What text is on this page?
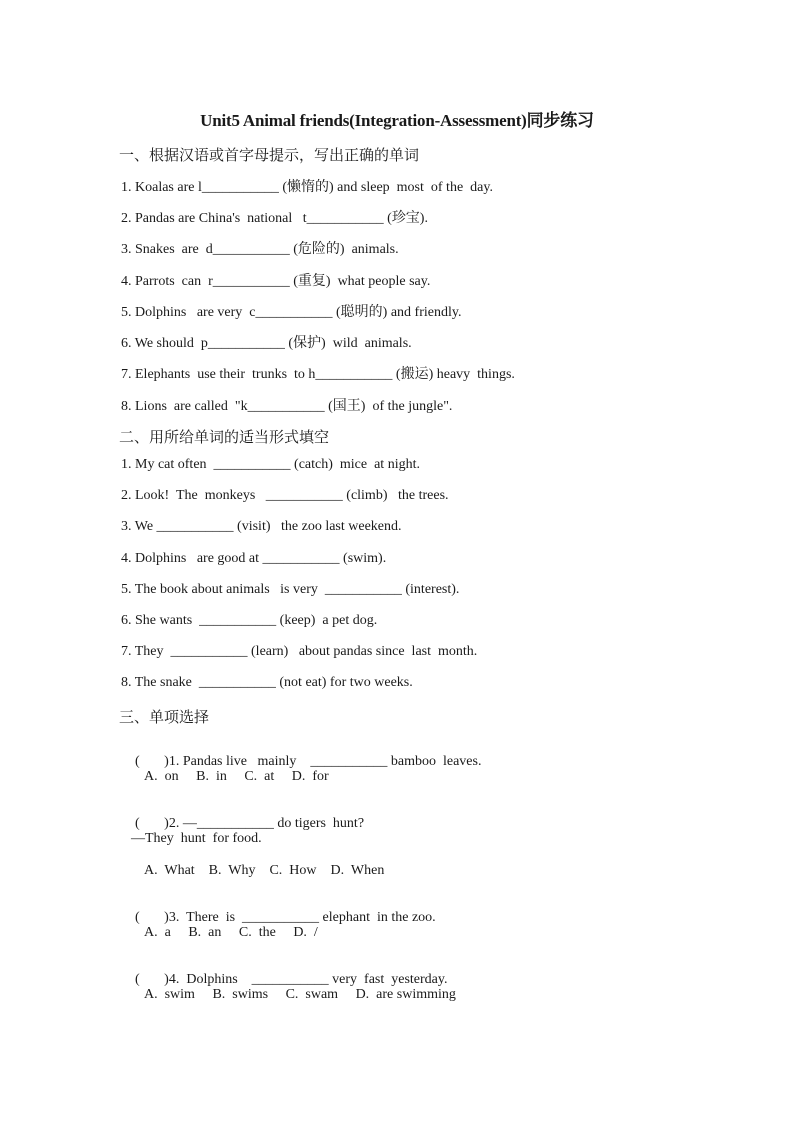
Unit5 Animal friends(Integration-Assessment)同步练习
一、根据汉语或首字母提示，写出正确的单词
1. Koalas are l___________ (懒惰的) and sleep  most  of the  day.
2. Pandas are China's  national   t___________ (珍宝).
3. Snakes  are  d___________ (危险的)  animals.
4. Parrots  can  r___________ (重复)  what people say.
5. Dolphins   are very  c___________ (聪明的) and friendly.
6. We should  p___________ (保护)  wild  animals.
7. Elephants  use their  trunks  to h___________ (搬运) heavy  things.
8. Lions  are called  "k___________ (国王)  of the jungle".
二、用所给单词的适当形式填空
1. My cat often  ___________ (catch)  mice  at night.
2. Look!  The  monkeys   ___________ (climb)   the trees.
3. We ___________ (visit)   the zoo last weekend.
4. Dolphins   are good at ___________ (swim).
5. The book about animals   is very  ___________ (interest).
6. She wants  ___________ (keep)  a pet dog.
7. They  ___________ (learn)   about pandas since  last  month.
8. The snake  ___________ (not eat) for two weeks.
三、单项选择

(       )1. Pandas live   mainly    ___________ bamboo  leaves.

A.  on     B.  in     C.  at     D.  for

(       )2. —___________ do tigers  hunt?

—They  hunt  for food.
A.  What    B.  Why    C.  How    D.  When

(       )3.  There  is  ___________ elephant  in the zoo.

A.  a     B.  an     C.  the     D.  /

(       )4.  Dolphins    ___________ very  fast  yesterday.

A.  swim     B.  swims     C.  swam     D.  are swimming
